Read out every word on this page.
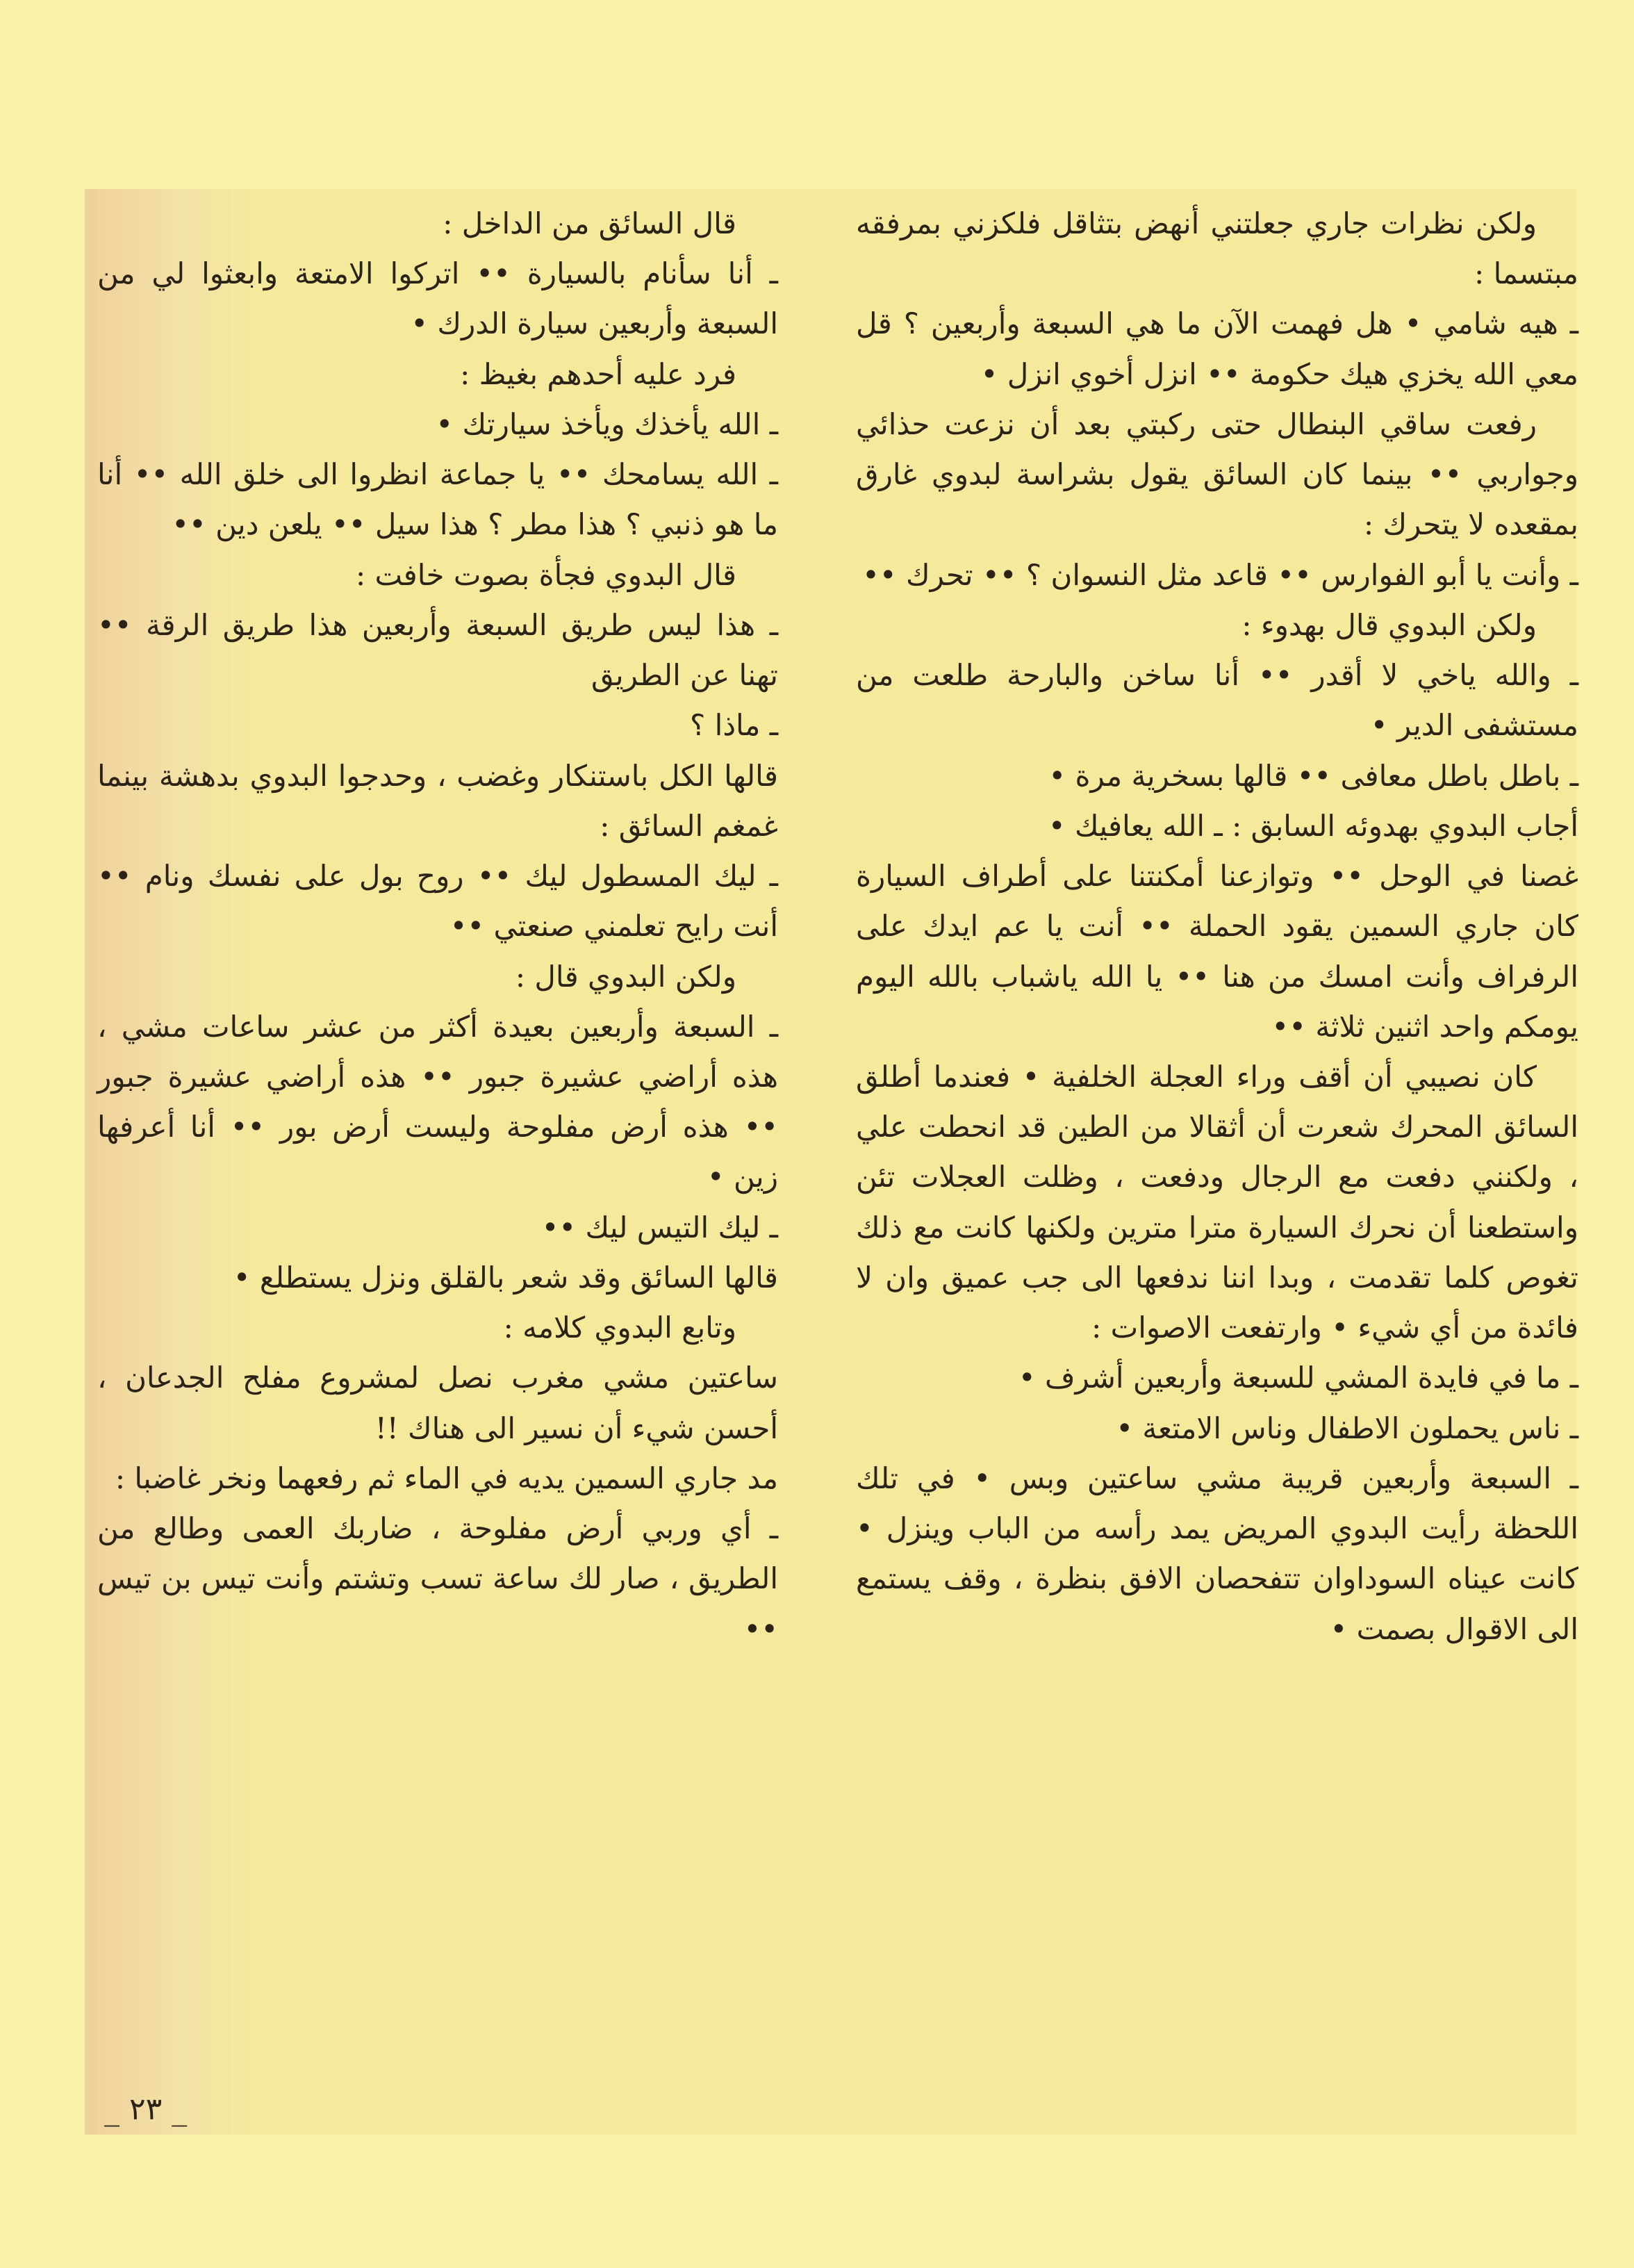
ولكن نظرات جاري جعلتني أنهض بتثاقل فلكزني بمرفقه مبتسما :

ـ هيه شامي • هل فهمت الآن ما هي السبعة وأربعين ؟ قل معي الله يخزي هيك حكومة •• انزل أخوي انزل •

رفعت ساقي البنطال حتى ركبتي بعد أن نزعت حذائي وجواربي •• بينما كان السائق يقول بشراسة لبدوي غارق بمقعده لا يتحرك :

ـ وأنت يا أبو الفوارس •• قاعد مثل النسوان ؟ •• تحرك ••

ولكن البدوي قال بهدوء :

ـ والله ياخي لا أقدر •• أنا ساخن والبارحة طلعت من مستشفى الدير •

ـ باطل باطل معافى •• قالها بسخرية مرة •

أجاب البدوي بهدوئه السابق : ـ الله يعافيك •

غصنا في الوحل •• وتوازعنا أمكنتنا على أطراف السيارة كان جاري السمين يقود الحملة •• أنت يا عم ايدك على الرفراف وأنت امسك من هنا •• يا الله ياشباب بالله اليوم يومكم واحد اثنين ثلاثة ••

كان نصيبي أن أقف وراء العجلة الخلفية • فعندما أطلق السائق المحرك شعرت أن أثقالا من الطين قد انحطت علي ، ولكنني دفعت مع الرجال ودفعت ، وظلت العجلات تئن واستطعنا أن نحرك السيارة مترا مترين ولكنها كانت مع ذلك تغوص كلما تقدمت ، وبدا اننا ندفعها الى جب عميق وان لا فائدة من أي شيء • وارتفعت الاصوات :

ـ ما في فايدة المشي للسبعة وأربعين أشرف •

ـ ناس يحملون الاطفال وناس الامتعة •

ـ السبعة وأربعين قريبة مشي ساعتين وبس • في تلك اللحظة رأيت البدوي المريض يمد رأسه من الباب وينزل • كانت عيناه السوداوان تتفحصان الافق بنظرة ، وقف يستمع الى الاقوال بصمت •

قال السائق من الداخل :

ـ أنا سأنام بالسيارة •• اتركوا الامتعة وابعثوا لي من السبعة وأربعين سيارة الدرك •

فرد عليه أحدهم بغيظ :

ـ الله يأخذك ويأخذ سيارتك •

ـ الله يسامحك •• يا جماعة انظروا الى خلق الله •• أنا ما هو ذنبي ؟ هذا مطر ؟ هذا سيل •• يلعن دين ••

قال البدوي فجأة بصوت خافت :

ـ هذا ليس طريق السبعة وأربعين هذا طريق الرقة •• تهنا عن الطريق

ـ ماذا ؟

قالها الكل باستنكار وغضب ، وحدجوا البدوي بدهشة بينما غمغم السائق :

ـ ليك المسطول ليك •• روح بول على نفسك ونام •• أنت رايح تعلمني صنعتي ••

ولكن البدوي قال :

ـ السبعة وأربعين بعيدة أكثر من عشر ساعات مشي ، هذه أراضي عشيرة جبور •• هذه أراضي عشيرة جبور •• هذه أرض مفلوحة وليست أرض بور •• أنا أعرفها زين •

ـ ليك التيس ليك ••

قالها السائق وقد شعر بالقلق ونزل يستطلع •

وتابع البدوي كلامه :

ساعتين مشي مغرب نصل لمشروع مفلح الجدعان ، أحسن شيء أن نسير الى هناك !!

مد جاري السمين يديه في الماء ثم رفعهما ونخر غاضبا :

ـ أي وربي أرض مفلوحة ، ضاربك العمى وطالع من الطريق ، صار لك ساعة تسب وتشتم وأنت تيس بن تيس ••

_ ٢٣ _
